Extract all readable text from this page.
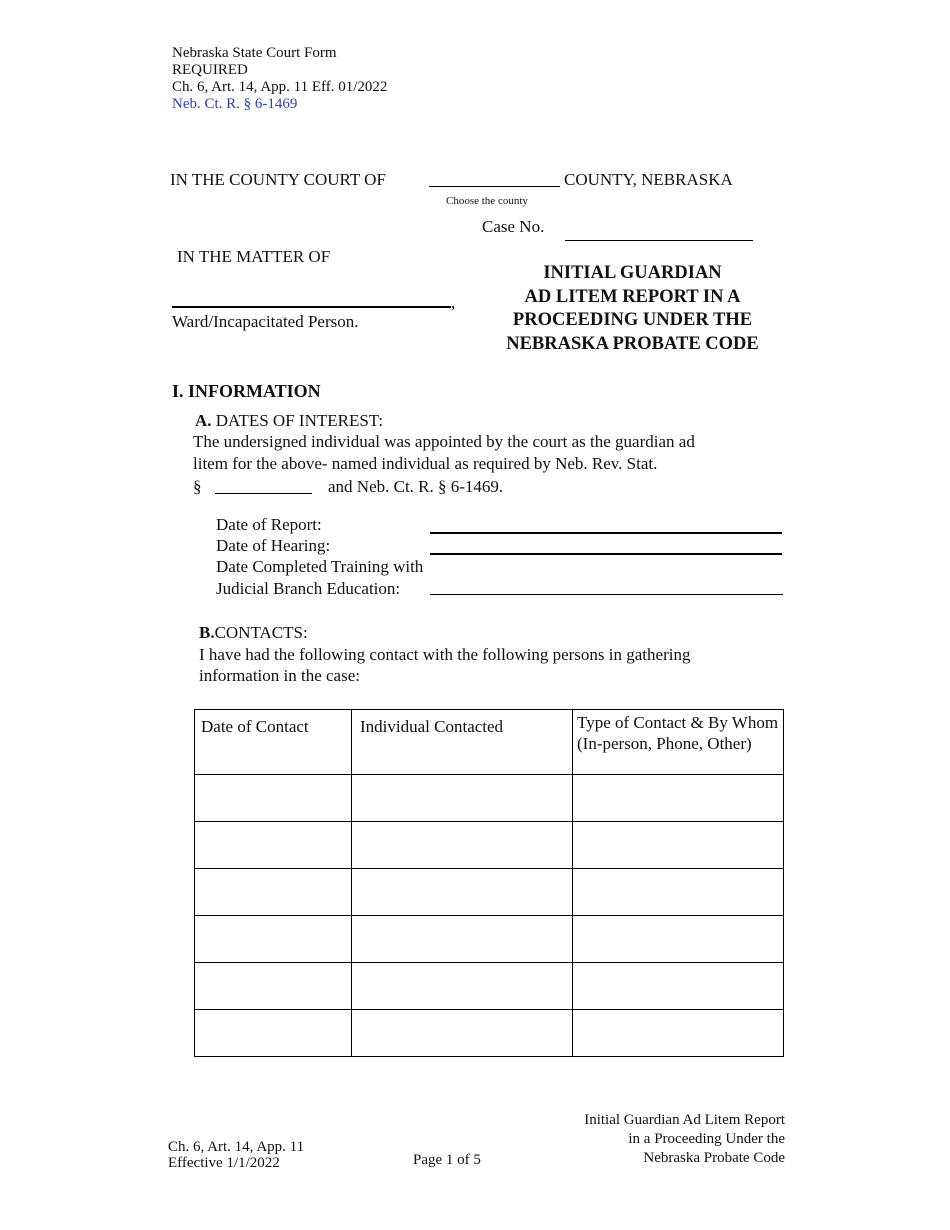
Nebraska State Court Form
REQUIRED
Ch. 6, Art. 14, App. 11 Eff. 01/2022
Neb. Ct. R. § 6-1469
IN THE COUNTY COURT OF	COUNTY, NEBRASKA
Choose the county
Case No.
IN THE MATTER OF
,
Ward/Incapacitated Person.
INITIAL GUARDIAN
AD LITEM REPORT IN A
PROCEEDING UNDER THE
NEBRASKA PROBATE CODE
I. INFORMATION
A. DATES OF INTEREST:
The undersigned individual was appointed by the court as the guardian ad
litem for the above- named individual as required by Neb. Rev. Stat.
§	and Neb. Ct. R. § 6-1469.
Date of Report:
Date of Hearing:
Date Completed Training with
Judicial Branch Education:
B.CONTACTS:
I have had the following contact with the following persons in gathering
information in the case:
Date of Contact	Individual Contacted	Type of Contact & By Whom (In-person, Phone, Other)

Ch. 6, Art. 14, App. 11
Effective 1/1/2022	Page 1 of 5
Initial Guardian Ad Litem Report
in a Proceeding Under the
Nebraska Probate Code
